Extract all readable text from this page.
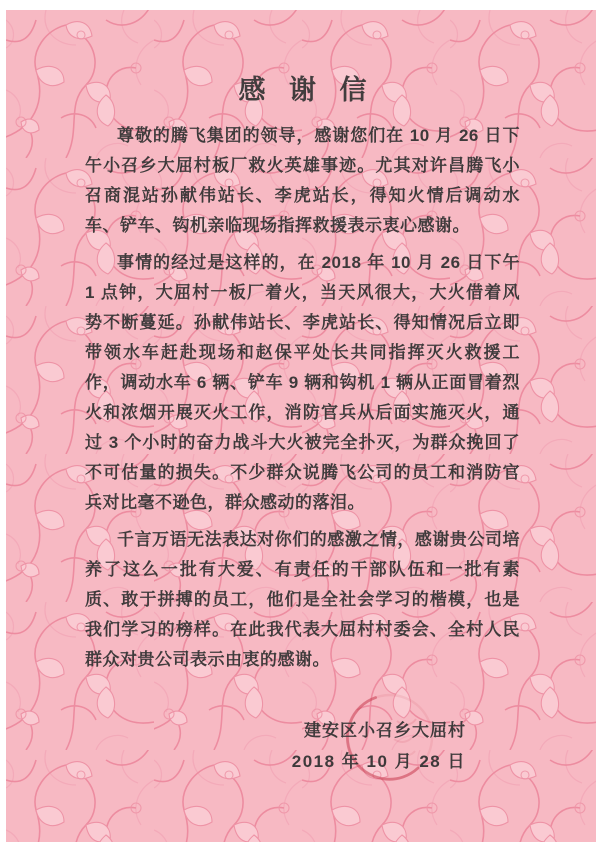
感 谢 信

尊敬的腾飞集团的领导，感谢您们在 10 月 26 日下午小召乡大屈村板厂救火英雄事迹。尤其对许昌腾飞小召商混站孙献伟站长、李虎站长，得知火情后调动水车、铲车、钩机亲临现场指挥救援表示衷心感谢。

事情的经过是这样的，在 2018 年 10 月 26 日下午 1 点钟，大屈村一板厂着火，当天风很大，大火借着风势不断蔓延。孙献伟站长、李虎站长、得知情况后立即带领水车赶赴现场和赵保平处长共同指挥灭火救援工作，调动水车 6 辆、铲车 9 辆和钩机 1 辆从正面冒着烈火和浓烟开展灭火工作，消防官兵从后面实施灭火，通过 3 个小时的奋力战斗大火被完全扑灭，为群众挽回了不可估量的损失。不少群众说腾飞公司的员工和消防官兵对比毫不逊色，群众感动的落泪。

千言万语无法表达对你们的感激之情，感谢贵公司培养了这么一批有大爱、有责任的干部队伍和一批有素质、敢于拼搏的员工，他们是全社会学习的楷模，也是我们学习的榜样。在此我代表大屈村村委会、全村人民群众对贵公司表示由衷的感谢。

建安区小召乡大屈村
2018 年 10 月 28 日
